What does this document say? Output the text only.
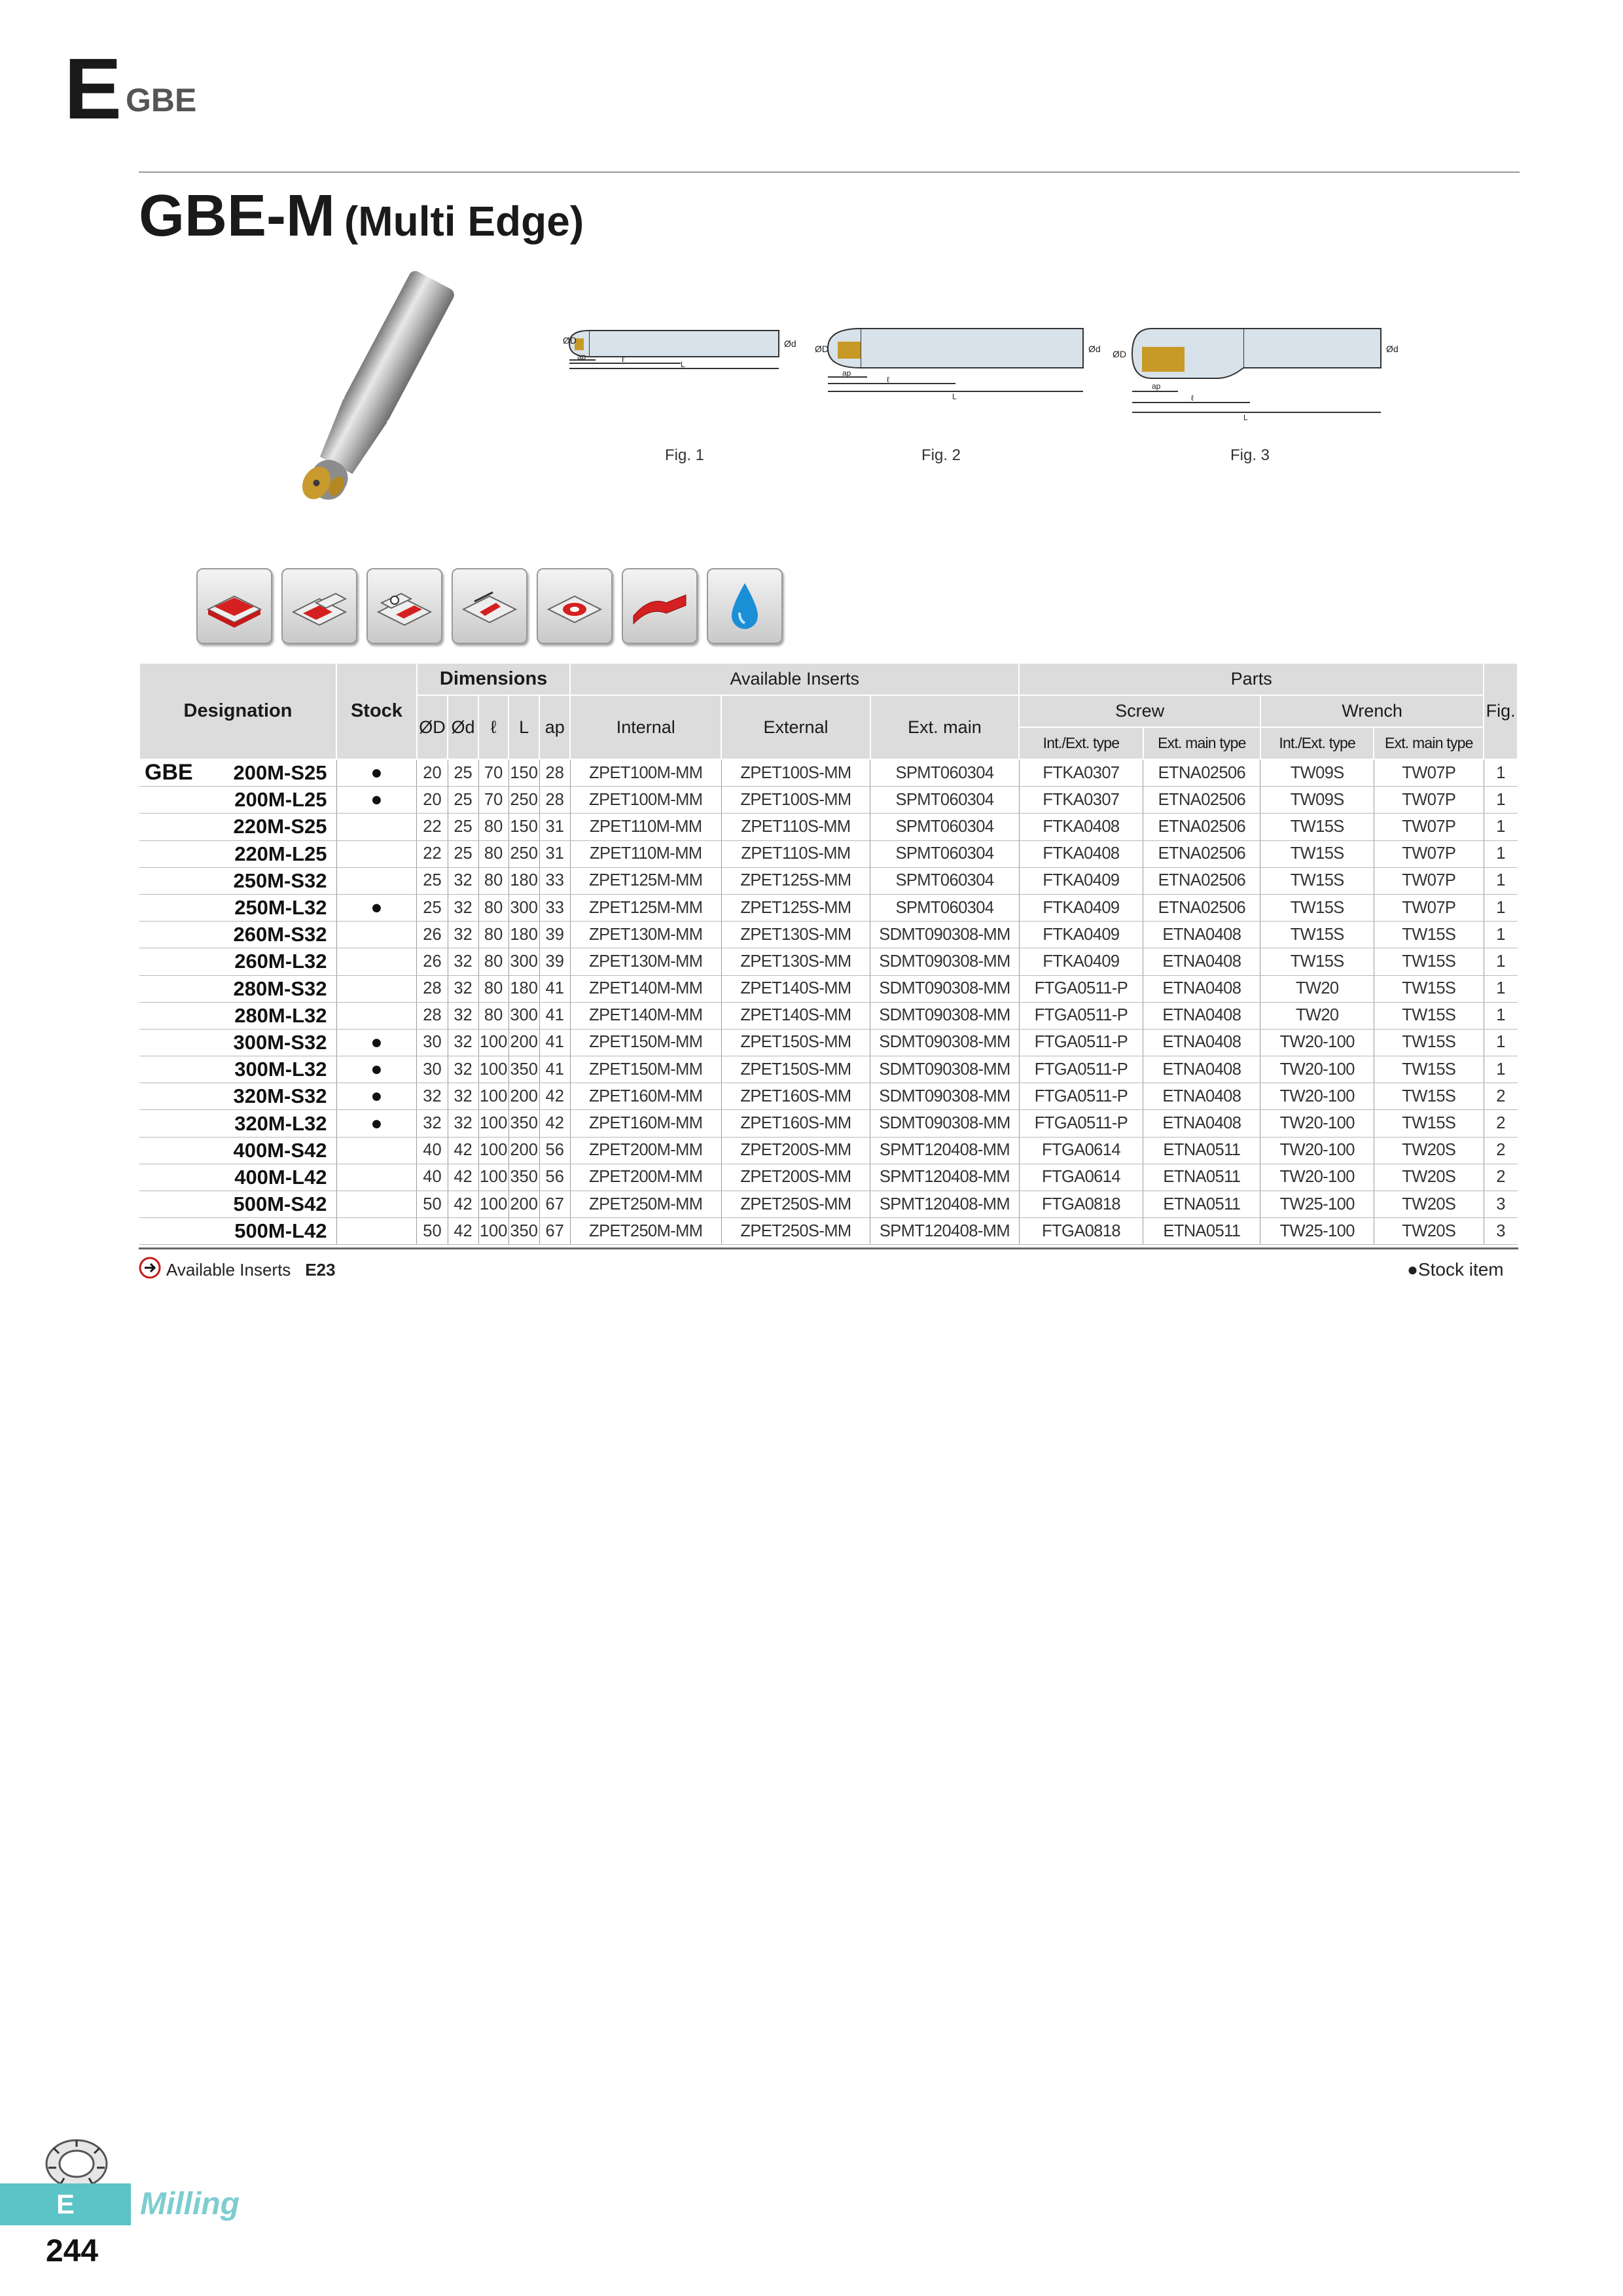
E GBE
GBE-M (Multi Edge)
ØD	Ød
ap	ℓ
L
ØD	Ød
ap
ℓ
L
ØD	Ød
ap
ℓ
L
Fig. 1	Fig. 2	Fig. 3
Designation	Stock	Dimensions					Available Inserts			Parts				Fig.
		ØD	Ød	ℓ	L	ap	Internal	External	Ext. main	Screw		Wrench		
										Int./Ext. type	Ext. main type	Int./Ext. type	Ext. main type	

GBE 200M-S25	●	20	25	70	150	28	ZPET100M-MM	ZPET100S-MM	SPMT060304	FTKA0307	ETNA02506	TW09S	TW07P	1
200M-L25	●	20	25	70	250	28	ZPET100M-MM	ZPET100S-MM	SPMT060304	FTKA0307	ETNA02506	TW09S	TW07P	1
220M-S25		22	25	80	150	31	ZPET110M-MM	ZPET110S-MM	SPMT060304	FTKA0408	ETNA02506	TW15S	TW07P	1
220M-L25		22	25	80	250	31	ZPET110M-MM	ZPET110S-MM	SPMT060304	FTKA0408	ETNA02506	TW15S	TW07P	1
250M-S32		25	32	80	180	33	ZPET125M-MM	ZPET125S-MM	SPMT060304	FTKA0409	ETNA02506	TW15S	TW07P	1
250M-L32	●	25	32	80	300	33	ZPET125M-MM	ZPET125S-MM	SPMT060304	FTKA0409	ETNA02506	TW15S	TW07P	1
260M-S32		26	32	80	180	39	ZPET130M-MM	ZPET130S-MM	SDMT090308-MM	FTKA0409	ETNA0408	TW15S	TW15S	1
260M-L32		26	32	80	300	39	ZPET130M-MM	ZPET130S-MM	SDMT090308-MM	FTKA0409	ETNA0408	TW15S	TW15S	1
280M-S32		28	32	80	180	41	ZPET140M-MM	ZPET140S-MM	SDMT090308-MM	FTGA0511-P	ETNA0408	TW20	TW15S	1
280M-L32		28	32	80	300	41	ZPET140M-MM	ZPET140S-MM	SDMT090308-MM	FTGA0511-P	ETNA0408	TW20	TW15S	1
300M-S32	●	30	32	100	200	41	ZPET150M-MM	ZPET150S-MM	SDMT090308-MM	FTGA0511-P	ETNA0408	TW20-100	TW15S	1
300M-L32	●	30	32	100	350	41	ZPET150M-MM	ZPET150S-MM	SDMT090308-MM	FTGA0511-P	ETNA0408	TW20-100	TW15S	1
320M-S32	●	32	32	100	200	42	ZPET160M-MM	ZPET160S-MM	SDMT090308-MM	FTGA0511-P	ETNA0408	TW20-100	TW15S	2
320M-L32	●	32	32	100	350	42	ZPET160M-MM	ZPET160S-MM	SDMT090308-MM	FTGA0511-P	ETNA0408	TW20-100	TW15S	2
400M-S42		40	42	100	200	56	ZPET200M-MM	ZPET200S-MM	SPMT120408-MM	FTGA0614	ETNA0511	TW20-100	TW20S	2
400M-L42		40	42	100	350	56	ZPET200M-MM	ZPET200S-MM	SPMT120408-MM	FTGA0614	ETNA0511	TW20-100	TW20S	2
500M-S42		50	42	100	200	67	ZPET250M-MM	ZPET250S-MM	SPMT120408-MM	FTGA0818	ETNA0511	TW25-100	TW20S	3
500M-L42		50	42	100	350	67	ZPET250M-MM	ZPET250S-MM	SPMT120408-MM	FTGA0818	ETNA0511	TW25-100	TW20S	3
Available Inserts E23	●Stock item
E	Milling
244
